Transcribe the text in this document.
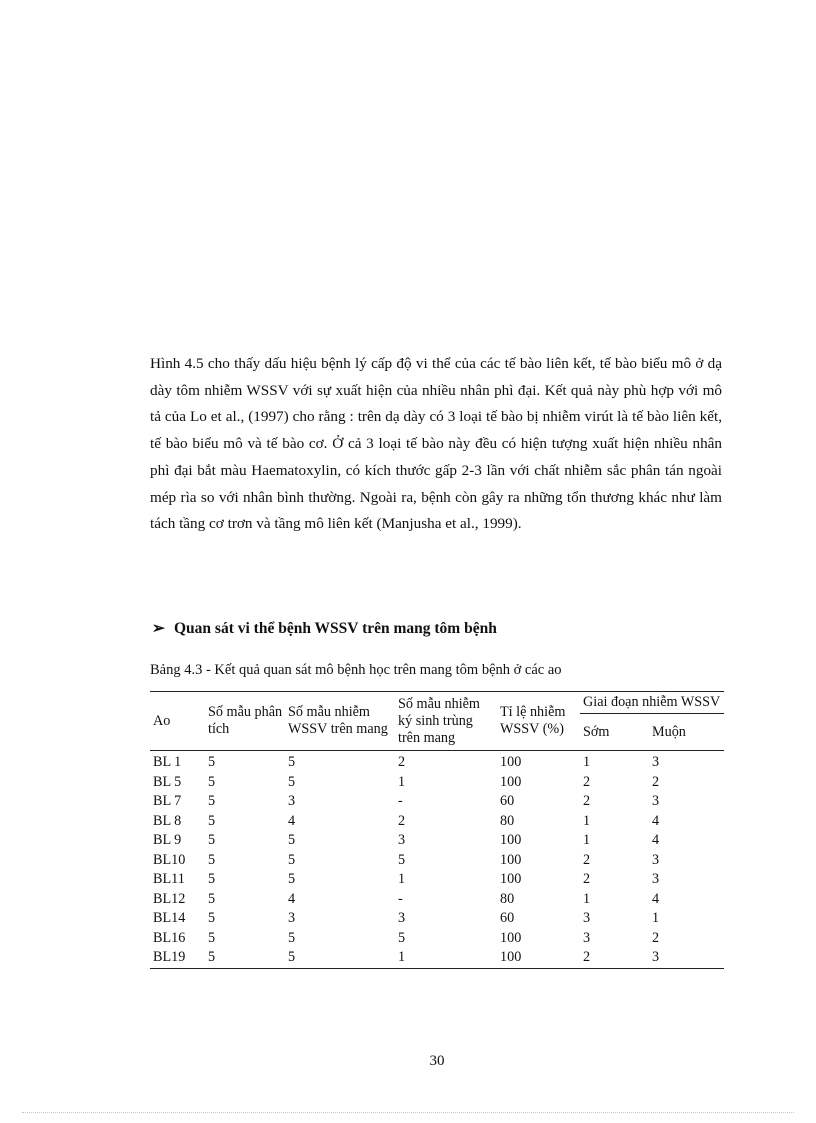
Hình 4.5 cho thấy dấu hiệu bệnh lý cấp độ vi thể của các tế bào liên kết, tế bào biểu mô ở dạ dày tôm nhiễm WSSV với sự xuất hiện của nhiều nhân phì đại. Kết quả này phù hợp với mô tả của Lo et al., (1997) cho rằng : trên dạ dày có 3 loại tế bào bị nhiễm virút là tế bào liên kết, tế bào biểu mô và tế bào cơ. Ở cả 3 loại tế bào này đều có hiện tượng xuất hiện nhiều nhân phì đại bắt màu Haematoxylin, có kích thước gấp 2-3 lần với chất nhiễm sắc phân tán ngoài mép rìa so với nhân bình thường. Ngoài ra, bệnh còn gây ra những tổn thương khác như làm tách tầng cơ trơn và tầng mô liên kết (Manjusha et al., 1999).

➢ Quan sát vi thể bệnh WSSV trên mang tôm bệnh
Bảng 4.3 - Kết quả quan sát mô bệnh học trên mang tôm bệnh ở các ao
Ao	Số mẫu phân tích	Số mẫu nhiễm WSSV trên mang	Số mẫu nhiễm ký sinh trùng trên mang	Tỉ lệ nhiễm WSSV (%)	Giai đoạn nhiễm WSSV	
					Sớm	Muộn
BL 1	5	5	2	100	1	3
BL 5	5	5	1	100	2	2
BL 7	5	3	-	60	2	3
BL 8	5	4	2	80	1	4
BL 9	5	5	3	100	1	4
BL10	5	5	5	100	2	3
BL11	5	5	1	100	2	3
BL12	5	4	-	80	1	4
BL14	5	3	3	60	3	1
BL16	5	5	5	100	3	2
BL19	5	5	1	100	2	3
30
